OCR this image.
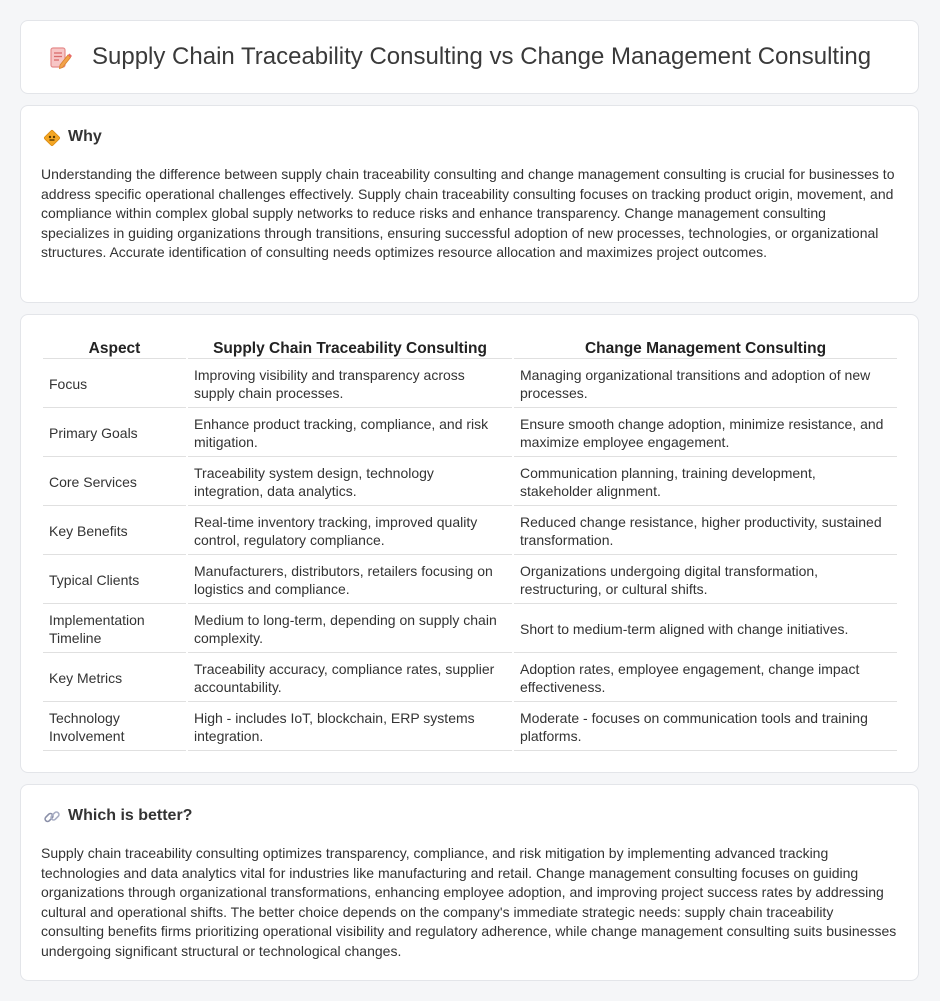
Supply Chain Traceability Consulting vs Change Management Consulting
Why

Understanding the difference between supply chain traceability consulting and change management consulting is crucial for businesses to address specific operational challenges effectively. Supply chain traceability consulting focuses on tracking product origin, movement, and compliance within complex global supply networks to reduce risks and enhance transparency. Change management consulting specializes in guiding organizations through transitions, ensuring successful adoption of new processes, technologies, or organizational structures. Accurate identification of consulting needs optimizes resource allocation and maximizes project outcomes.

Aspect	Supply Chain Traceability Consulting	Change Management Consulting
Focus	Improving visibility and transparency across supply chain processes.	Managing organizational transitions and adoption of new processes.
Primary Goals	Enhance product tracking, compliance, and risk mitigation.	Ensure smooth change adoption, minimize resistance, and maximize employee engagement.
Core Services	Traceability system design, technology integration, data analytics.	Communication planning, training development, stakeholder alignment.
Key Benefits	Real-time inventory tracking, improved quality control, regulatory compliance.	Reduced change resistance, higher productivity, sustained transformation.
Typical Clients	Manufacturers, distributors, retailers focusing on logistics and compliance.	Organizations undergoing digital transformation, restructuring, or cultural shifts.
Implementation Timeline	Medium to long-term, depending on supply chain complexity.	Short to medium-term aligned with change initiatives.
Key Metrics	Traceability accuracy, compliance rates, supplier accountability.	Adoption rates, employee engagement, change impact effectiveness.
Technology Involvement	High - includes IoT, blockchain, ERP systems integration.	Moderate - focuses on communication tools and training platforms.
Which is better?

Supply chain traceability consulting optimizes transparency, compliance, and risk mitigation by implementing advanced tracking technologies and data analytics vital for industries like manufacturing and retail. Change management consulting focuses on guiding organizations through organizational transformations, enhancing employee adoption, and improving project success rates by addressing cultural and operational shifts. The better choice depends on the company's immediate strategic needs: supply chain traceability consulting benefits firms prioritizing operational visibility and regulatory adherence, while change management consulting suits businesses undergoing significant structural or technological changes.
